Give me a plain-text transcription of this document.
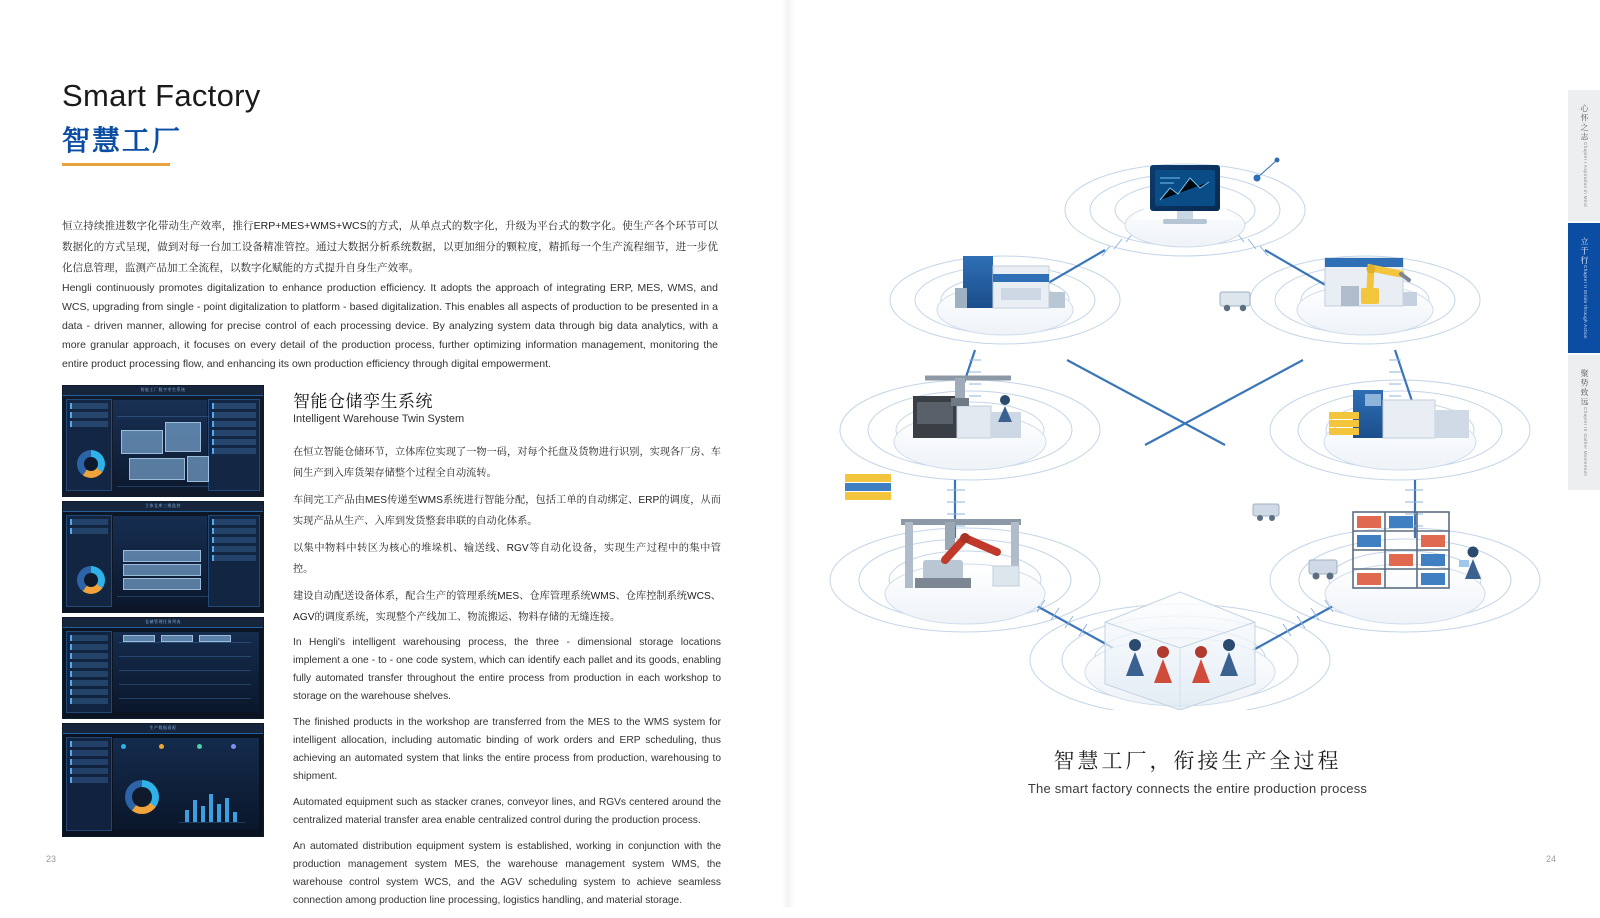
Smart Factory
智慧工厂
恒立持续推进数字化带动生产效率，推行ERP+MES+WMS+WCS的方式，从单点式的数字化，升级为平台式的数字化。使生产各个环节可以数据化的方式呈现，做到对每一台加工设备精准管控。通过大数据分析系统数据，以更加细分的颗粒度，精抓每一个生产流程细节，进一步优化信息管理，监测产品加工全流程，以数字化赋能的方式提升自身生产效率。
Hengli continuously promotes digitalization to enhance production efficiency. It adopts the approach of integrating ERP, MES, WMS, and WCS, upgrading from single - point digitalization to platform - based digitalization. This enables all aspects of production to be presented in a data - driven manner, allowing for precise control of each processing device. By analyzing system data through big data analytics, with a more granular approach, it focuses on every detail of the production process, further optimizing information management, monitoring the entire product processing flow, and enhancing its own production efficiency through digital empowerment.
智能工厂数字孪生系统
立体仓库三维监控
仓储管理任务列表
生产数据看板
智能仓储孪生系统
Intelligent Warehouse Twin System

在恒立智能仓储环节，立体库位实现了一物一码，对每个托盘及货物进行识别，实现各厂房、车间生产到入库货架存储整个过程全自动流转。

车间完工产品由MES传递至WMS系统进行智能分配，包括工单的自动绑定、ERP的调度，从而实现产品从生产、入库到发货整套串联的自动化体系。

以集中物料中转区为核心的堆垛机、输送线、RGV等自动化设备，实现生产过程中的集中管控。

建设自动配送设备体系，配合生产的管理系统MES、仓库管理系统WMS、仓库控制系统WCS、AGV的调度系统，实现整个产线加工、物流搬运、物料存储的无缝连接。

In Hengli's intelligent warehousing process, the three - dimensional storage locations implement a one - to - one code system, which can identify each pallet and its goods, enabling fully automated transfer throughout the entire process from production in each workshop to storage on the warehouse shelves.

The finished products in the workshop are transferred from the MES to the WMS system for intelligent allocation, including automatic binding of work orders and ERP scheduling, thus achieving an automated system that links the entire process from production, warehousing to shipment.

Automated equipment such as stacker cranes, conveyor lines, and RGVs centered around the centralized material transfer area enable centralized control during the production process.

An automated distribution equipment system is established, working in conjunction with the production management system MES, the warehouse management system WMS, the warehouse control system WCS, and the AGV scheduling system to achieve seamless connection among production line processing, logistics handling, and material storage.

23
心怀之志
Chapter I Aspiration in Mind
立于行
Chapter II Stride through Action
聚势致远
Chapter III Gather Momentum
智慧工厂，衔接生产全过程
The smart factory connects the entire production process
24
